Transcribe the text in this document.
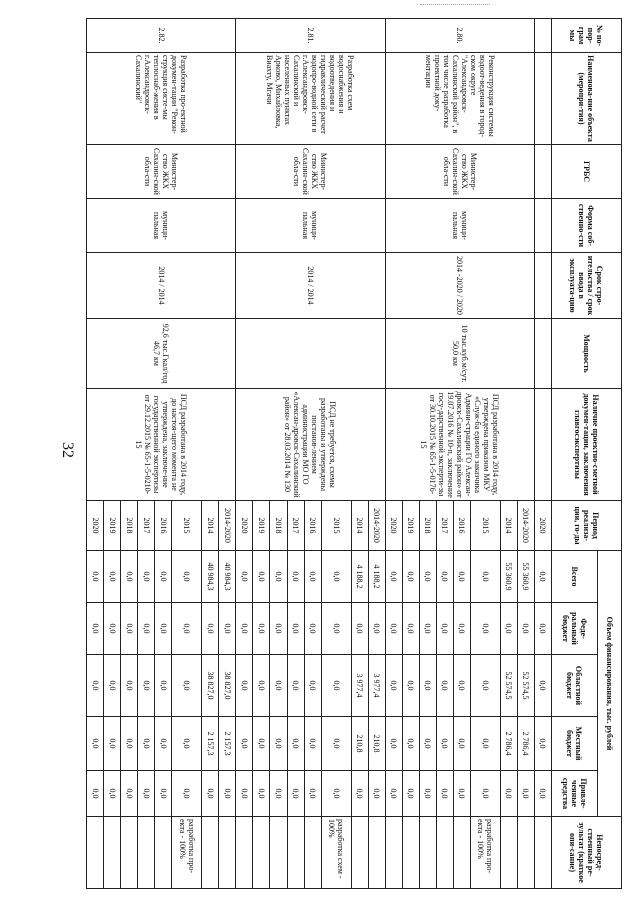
32
№ по-пор-грам мы	Наименова-ние объекта (меропри-тия)	ГРБС	Форма соб-ственно-сти	Срок стро-ительства / срок ввода в эксплуата-цию	Мощность	Наличие проектно-сметной докумен-тации, заключения главгосэкспертизы	Период реализа-ции, го-ды	Объем финансирования, тыс. рублей					Непосред-ственный ре-зультат (краткое опи-сание)
								Всего	Феде-ральный бюджет	Областной бюджет	Местный бюджет	Привле-ченные средства	
							2020	0,0	0,0	0,0	0,0	0,0	
2.80.	Реконструкция системы водоот-ведения в город-ском округе "Александровск-Сахалинский район", в том числе разработка проектной доку-ментации	Министер-ство ЖКХ Сахалин-ской обла-сти	муници-пальная	2014 -2020 / 2020	10 тыс.куб.м/сут. 50,0 км	ПСД разработана в 2014 году, утверждена приказом МКУ «Служ-ба единого заказчика Админи-страции ГО Алексан-дровск-Сахалинский район» от 19.07.2016 № 10-п, заключение госу-дарственной эксперти-зы от 30.10.2015 № 65-1-5-0176-15	2014-2020	55 360,9	0,0	52 574,5	2 786,4	0,0	
							2014	55 360,9	0,0	52 574,5	2 786,4	0,0	
							2015	0,0	0,0	0,0	0,0	0,0	разработка про-екта - 100%
							2016	0,0	0,0	0,0	0,0	0,0	
							2017	0,0	0,0	0,0	0,0	0,0	
							2018	0,0	0,0	0,0	0,0	0,0	
							2019	0,0	0,0	0,0	0,0	0,0	
							2020	0,0	0,0	0,0	0,0	0,0	
2.81.	Разработка схем водоснабжения и водоотведения и гидравлический расчет водопро-водной сети в г.Александровск-Сахалинский и населенных пунктах Арково, Михайловка, Виахту, Мгачи	Министер-ство ЖКХ Сахалин-ской обла-сти	муници-пальная	2014 / 2014		ПСД не требуется, схемы разработаны и утверждены постанов-лением администрации МО ГО «Алексан-дровск-Сахалинский район» от 28.03.2014 № 130	2014-2020	4 188,2	0,0	3 977,4	210,8	0,0	
							2014	4 188,2	0,0	3 977,4	210,8	0,0	
							2015	0,0	0,0	0,0	0,0	0,0	разработка схем - 100%
							2016	0,0	0,0	0,0	0,0	0,0	
							2017	0,0	0,0	0,0	0,0	0,0	
							2018	0,0	0,0	0,0	0,0	0,0	
							2019	0,0	0,0	0,0	0,0	0,0	
							2020	0,0	0,0	0,0	0,0	0,0	
2.82.	Разработка про-ектной докумен-тации "Рекон-струкция систе-мы теплоснаб-жения в г.Александровск-Сахалинский"	Министер-ство ЖКХ Сахалин-ской обла-сти	муници-пальная	2014 / 2014	92,6 тыс.Гкал/год 46,7 км	ПСД разработана в 2014 году, до настоя-щего момента не утверждена, заключе-ние государственной экспертизы от 29.12.2015 № 65-1-5-0210-15	2014-2020	40 984,3	0,0	38 827,0	2 157,3	0,0	
							2014	40 984,3	0,0	38 827,0	2 157,3	0,0	
							2015	0,0	0,0	0,0	0,0	0,0	разработка про-екта - 100%
							2016	0,0	0,0	0,0	0,0	0,0	
							2017	0,0	0,0	0,0	0,0	0,0	
							2018	0,0	0,0	0,0	0,0	0,0	
							2019	0,0	0,0	0,0	0,0	0,0	
							2020	0,0	0,0	0,0	0,0	0,0	
